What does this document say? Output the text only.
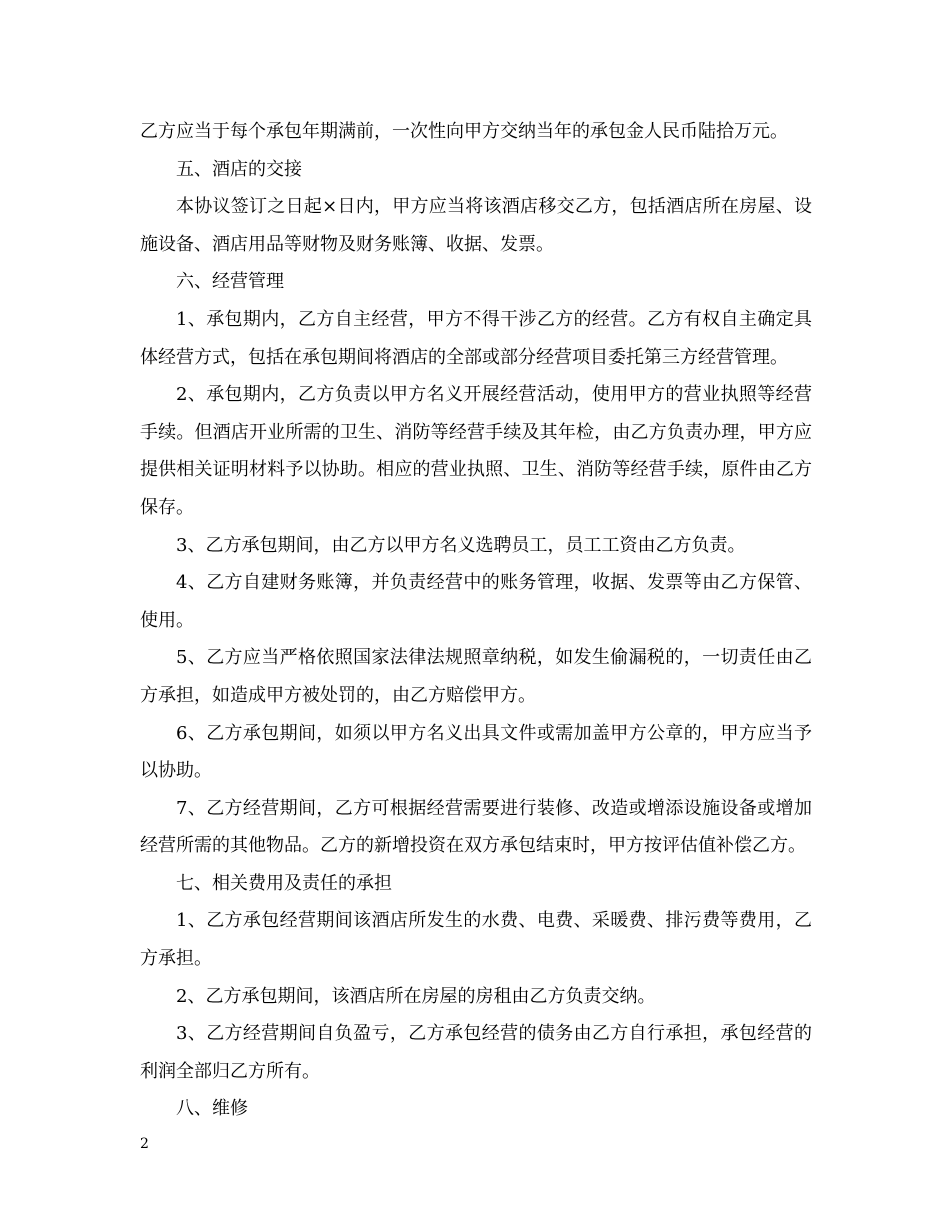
乙方应当于每个承包年期满前，一次性向甲方交纳当年的承包金人民币陆拾万元。

五、酒店的交接

本协议签订之日起×日内，甲方应当将该酒店移交乙方，包括酒店所在房屋、设施设备、酒店用品等财物及财务账簿、收据、发票。

六、经营管理

1、承包期内，乙方自主经营，甲方不得干涉乙方的经营。乙方有权自主确定具体经营方式，包括在承包期间将酒店的全部或部分经营项目委托第三方经营管理。

2、承包期内，乙方负责以甲方名义开展经营活动，使用甲方的营业执照等经营手续。但酒店开业所需的卫生、消防等经营手续及其年检，由乙方负责办理，甲方应提供相关证明材料予以协助。相应的营业执照、卫生、消防等经营手续，原件由乙方保存。

3、乙方承包期间，由乙方以甲方名义选聘员工，员工工资由乙方负责。

4、乙方自建财务账簿，并负责经营中的账务管理，收据、发票等由乙方保管、使用。

5、乙方应当严格依照国家法律法规照章纳税，如发生偷漏税的，一切责任由乙方承担，如造成甲方被处罚的，由乙方赔偿甲方。

6、乙方承包期间，如须以甲方名义出具文件或需加盖甲方公章的，甲方应当予以协助。

7、乙方经营期间，乙方可根据经营需要进行装修、改造或增添设施设备或增加经营所需的其他物品。乙方的新增投资在双方承包结束时，甲方按评估值补偿乙方。

七、相关费用及责任的承担

1、乙方承包经营期间该酒店所发生的水费、电费、采暖费、排污费等费用，乙方承担。

2、乙方承包期间，该酒店所在房屋的房租由乙方负责交纳。

3、乙方经营期间自负盈亏，乙方承包经营的债务由乙方自行承担，承包经营的利润全部归乙方所有。

八、维修

2
